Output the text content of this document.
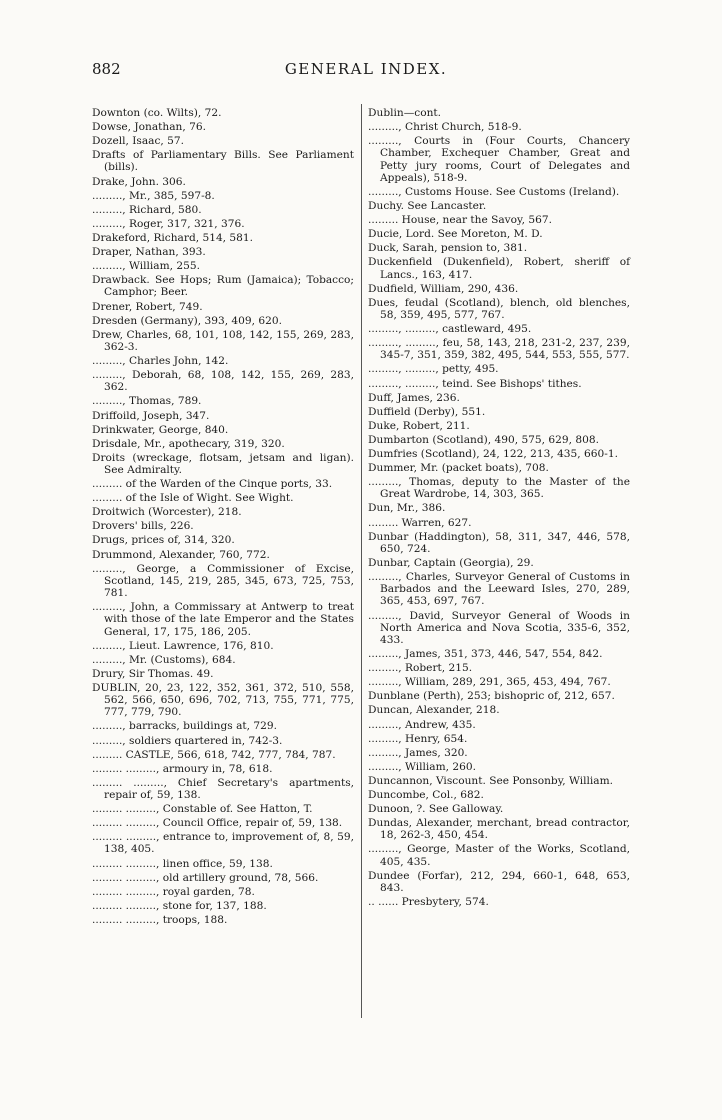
882	GENERAL INDEX.
Downton (co. Wilts), 72.
Dowse, Jonathan, 76.
Dozell, Isaac, 57.
Drafts of Parliamentary Bills. See Parliament (bills).
Drake, John. 306.
........., Mr., 385, 597-8.
........., Richard, 580.
........., Roger, 317, 321, 376.
Drakeford, Richard, 514, 581.
Draper, Nathan, 393.
........., William, 255.
Drawback. See Hops; Rum (Jamaica); Tobacco; Camphor; Beer.
Drener, Robert, 749.
Dresden (Germany), 393, 409, 620.
Drew, Charles, 68, 101, 108, 142, 155, 269, 283, 362-3.
........., Charles John, 142.
........., Deborah, 68, 108, 142, 155, 269, 283, 362.
........., Thomas, 789.
Driffoild, Joseph, 347.
Drinkwater, George, 840.
Drisdale, Mr., apothecary, 319, 320.
Droits (wreckage, flotsam, jetsam and ligan). See Admiralty.
......... of the Warden of the Cinque ports, 33.
......... of the Isle of Wight. See Wight.
Droitwich (Worcester), 218.
Drovers' bills, 226.
Drugs, prices of, 314, 320.
Drummond, Alexander, 760, 772.
........., George, a Commissioner of Excise, Scotland, 145, 219, 285, 345, 673, 725, 753, 781.
........., John, a Commissary at Antwerp to treat with those of the late Emperor and the States General, 17, 175, 186, 205.
........., Lieut. Lawrence, 176, 810.
........., Mr. (Customs), 684.
Drury, Sir Thomas. 49.
DUBLIN, 20, 23, 122, 352, 361, 372, 510, 558, 562, 566, 650, 696, 702, 713, 755, 771, 775, 777, 779, 790.
........., barracks, buildings at, 729.
........., soldiers quartered in, 742-3.
......... CASTLE, 566, 618, 742, 777, 784, 787.
......... ........., armoury in, 78, 618.
......... ........., Chief Secretary's apartments, repair of, 59, 138.
......... ........., Constable of. See Hatton, T.
......... ........., Council Office, repair of, 59, 138.
......... ........., entrance to, improvement of, 8, 59, 138, 405.
......... ........., linen office, 59, 138.
......... ........., old artillery ground, 78, 566.
......... ........., royal garden, 78.
......... ........., stone for, 137, 188.
......... ........., troops, 188.
Dublin—cont.
........., Christ Church, 518-9.
........., Courts in (Four Courts, Chancery Chamber, Exchequer Chamber, Great and Petty jury rooms, Court of Delegates and Appeals), 518-9.
........., Customs House. See Customs (Ireland).
Duchy. See Lancaster.
......... House, near the Savoy, 567.
Ducie, Lord. See Moreton, M. D.
Duck, Sarah, pension to, 381.
Duckenfield (Dukenfield), Robert, sheriff of Lancs., 163, 417.
Dudfield, William, 290, 436.
Dues, feudal (Scotland), blench, old blenches, 58, 359, 495, 577, 767.
........., ........., castleward, 495.
........., ........., feu, 58, 143, 218, 231-2, 237, 239, 345-7, 351, 359, 382, 495, 544, 553, 555, 577.
........., ........., petty, 495.
........., ........., teind. See Bishops' tithes.
Duff, James, 236.
Duffield (Derby), 551.
Duke, Robert, 211.
Dumbarton (Scotland), 490, 575, 629, 808.
Dumfries (Scotland), 24, 122, 213, 435, 660-1.
Dummer, Mr. (packet boats), 708.
........., Thomas, deputy to the Master of the Great Wardrobe, 14, 303, 365.
Dun, Mr., 386.
......... Warren, 627.
Dunbar (Haddington), 58, 311, 347, 446, 578, 650, 724.
Dunbar, Captain (Georgia), 29.
........., Charles, Surveyor General of Customs in Barbados and the Leeward Isles, 270, 289, 365, 453, 697, 767.
........., David, Surveyor General of Woods in North America and Nova Scotia, 335-6, 352, 433.
........., James, 351, 373, 446, 547, 554, 842.
........., Robert, 215.
........., William, 289, 291, 365, 453, 494, 767.
Dunblane (Perth), 253; bishopric of, 212, 657.
Duncan, Alexander, 218.
........., Andrew, 435.
........., Henry, 654.
........., James, 320.
........., William, 260.
Duncannon, Viscount. See Ponsonby, William.
Duncombe, Col., 682.
Dunoon, ?. See Galloway.
Dundas, Alexander, merchant, bread contractor, 18, 262-3, 450, 454.
........., George, Master of the Works, Scotland, 405, 435.
Dundee (Forfar), 212, 294, 660-1, 648, 653, 843.
.. ...... Presbytery, 574.
